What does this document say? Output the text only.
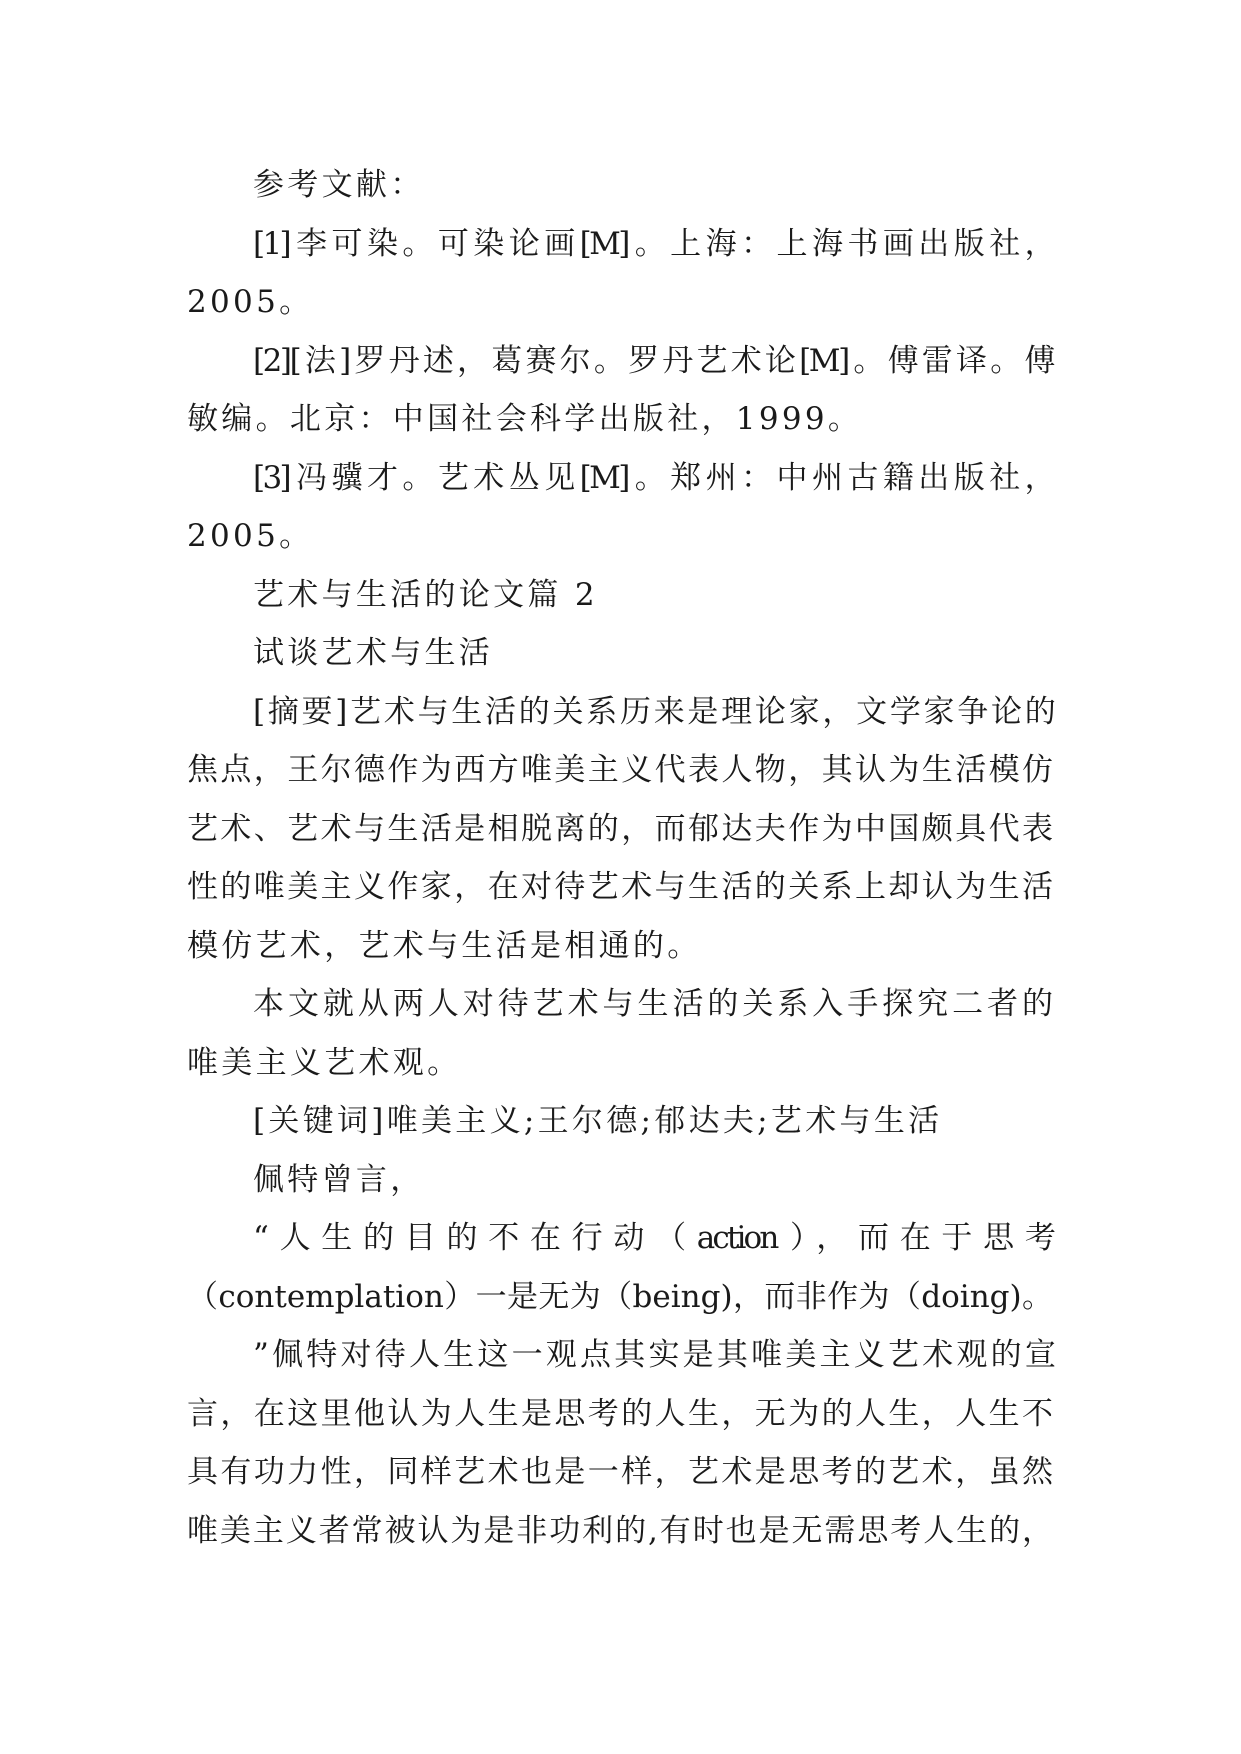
参考文献：
[1]李可染。可染论画[M]。上海：上海书画出版社，
2005。
[2][法]罗丹述，葛赛尔。罗丹艺术论[M]。傅雷译。傅
敏编。北京：中国社会科学出版社，1999。
[3]冯骥才。艺术丛见[M]。郑州：中州古籍出版社，
2005。
艺术与生活的论文篇 2
试谈艺术与生活
[摘要]艺术与生活的关系历来是理论家，文学家争论的
焦点，王尔德作为西方唯美主义代表人物，其认为生活模仿
艺术、艺术与生活是相脱离的，而郁达夫作为中国颇具代表
性的唯美主义作家，在对待艺术与生活的关系上却认为生活
模仿艺术，艺术与生活是相通的。
本文就从两人对待艺术与生活的关系入手探究二者的
唯美主义艺术观。
[关键词]唯美主义;王尔德;郁达夫;艺术与生活
佩特曾言，
“人生的目的不在行动（action），而在于思考
（contemplation）一是无为（being)，而非作为（doing)。
”佩特对待人生这一观点其实是其唯美主义艺术观的宣
言，在这里他认为人生是思考的人生，无为的人生，人生不
具有功力性，同样艺术也是一样，艺术是思考的艺术，虽然
唯美主义者常被认为是非功利的,有时也是无需思考人生的，
